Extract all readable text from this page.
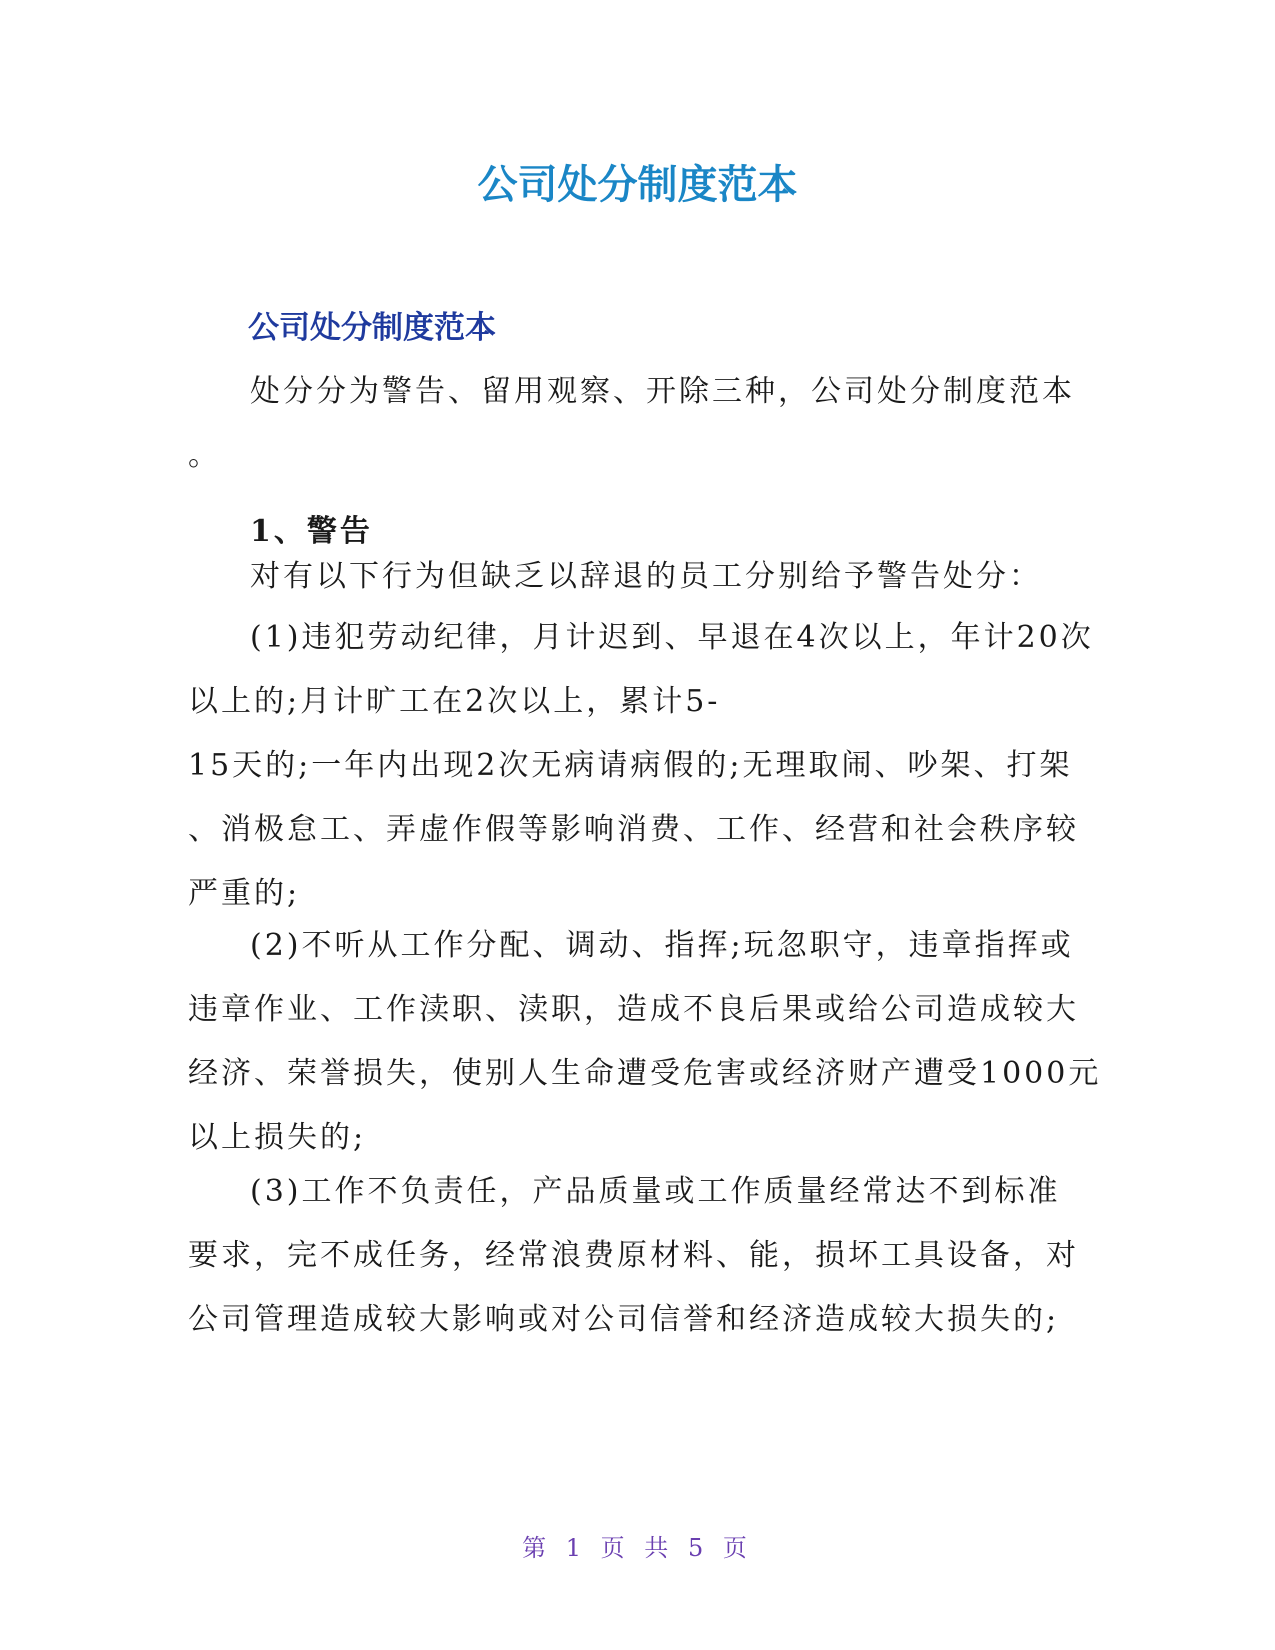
公司处分制度范本
公司处分制度范本
处分分为警告、留用观察、开除三种，公司处分制度范本
。
1、警告
对有以下行为但缺乏以辞退的员工分别给予警告处分：
(1)违犯劳动纪律，月计迟到、早退在4次以上，年计20次
以上的;月计旷工在2次以上，累计5-
15天的;一年内出现2次无病请病假的;无理取闹、吵架、打架
、消极怠工、弄虚作假等影响消费、工作、经营和社会秩序较
严重的;
(2)不听从工作分配、调动、指挥;玩忽职守，违章指挥或
违章作业、工作渎职、渎职，造成不良后果或给公司造成较大
经济、荣誉损失，使别人生命遭受危害或经济财产遭受1000元
以上损失的;
(3)工作不负责任，产品质量或工作质量经常达不到标准
要求，完不成任务，经常浪费原材料、能，损坏工具设备，对
公司管理造成较大影响或对公司信誉和经济造成较大损失的;
第 1 页 共 5 页
